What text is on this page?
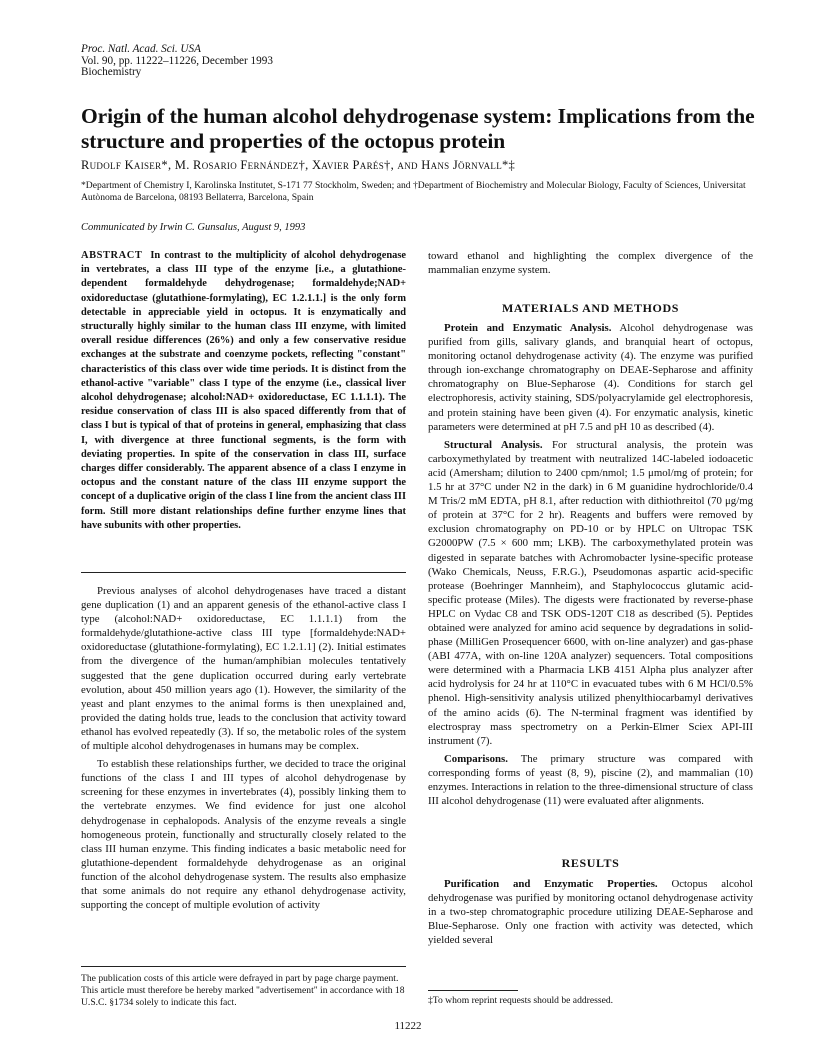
Proc. Natl. Acad. Sci. USA
Vol. 90, pp. 11222–11226, December 1993
Biochemistry
Origin of the human alcohol dehydrogenase system: Implications from the structure and properties of the octopus protein
Rudolf Kaiser*, M. Rosario Fernández†, Xavier Parés†, and Hans Jörnvall*‡
*Department of Chemistry I, Karolinska Institutet, S-171 77 Stockholm, Sweden; and †Department of Biochemistry and Molecular Biology, Faculty of Sciences, Universitat Autònoma de Barcelona, 08193 Bellaterra, Barcelona, Spain
Communicated by Irwin C. Gunsalus, August 9, 1993
ABSTRACT In contrast to the multiplicity of alcohol dehydrogenase in vertebrates, a class III type of the enzyme [i.e., a glutathione-dependent formaldehyde dehydrogenase; formaldehyde;NAD+ oxidoreductase (glutathione-formylating), EC 1.2.1.1.] is the only form detectable in appreciable yield in octopus. It is enzymatically and structurally highly similar to the human class III enzyme, with limited overall residue differences (26%) and only a few conservative residue exchanges at the substrate and coenzyme pockets, reflecting "constant" characteristics of this class over wide time periods. It is distinct from the ethanol-active "variable" class I type of the enzyme (i.e., classical liver alcohol dehydrogenase; alcohol:NAD+ oxidoreductase, EC 1.1.1.1). The residue conservation of class III is also spaced differently from that of class I but is typical of that of proteins in general, emphasizing that class I, with divergence at three functional segments, is the form with deviating properties. In spite of the conservation in class III, surface charges differ considerably. The apparent absence of a class I enzyme in octopus and the constant nature of the class III enzyme support the concept of a duplicative origin of the class I line from the ancient class III form. Still more distant relationships define further enzyme lines that have subunits with other properties.

Previous analyses of alcohol dehydrogenases have traced a distant gene duplication (1) and an apparent genesis of the ethanol-active class I type (alcohol:NAD+ oxidoreductase, EC 1.1.1.1) from the formaldehyde/glutathione-active class III type [formaldehyde:NAD+ oxidoreductase (glutathione-formylating), EC 1.2.1.1] (2). Initial estimates from the divergence of the human/amphibian molecules tentatively suggested that the gene duplication occurred during early vertebrate evolution, about 450 million years ago (1). However, the similarity of the yeast and plant enzymes to the animal forms is then unexplained and, provided the dating holds true, leads to the conclusion that activity toward ethanol has evolved repeatedly (3). If so, the metabolic roles of the system of multiple alcohol dehydrogenases in humans may be complex.

To establish these relationships further, we decided to trace the original functions of the class I and III types of alcohol dehydrogenase by screening for these enzymes in invertebrates (4), possibly linking them to the vertebrate enzymes. We find evidence for just one alcohol dehydrogenase in cephalopods. Analysis of the enzyme reveals a single homogeneous protein, functionally and structurally closely related to the class III human enzyme. This finding indicates a basic metabolic need for glutathione-dependent formaldehyde dehydrogenase as an original function of the alcohol dehydrogenase system. The results also emphasize that some animals do not require any ethanol dehydrogenase activity, supporting the concept of multiple evolution of activity

toward ethanol and highlighting the complex divergence of the mammalian enzyme system.
MATERIALS AND METHODS

Protein and Enzymatic Analysis. Alcohol dehydrogenase was purified from gills, salivary glands, and branquial heart of octopus, monitoring octanol dehydrogenase activity (4). The enzyme was purified through ion-exchange chromatography on DEAE-Sepharose and affinity chromatography on Blue-Sepharose (4). Conditions for starch gel electrophoresis, activity staining, SDS/polyacrylamide gel electrophoresis, and protein staining have been given (4). For enzymatic analysis, kinetic parameters were determined at pH 7.5 and pH 10 as described (4).

Structural Analysis. For structural analysis, the protein was carboxymethylated by treatment with neutralized 14C-labeled iodoacetic acid (Amersham; dilution to 2400 cpm/nmol; 1.5 μmol/mg of protein; for 1.5 hr at 37°C under N2 in the dark) in 6 M guanidine hydrochloride/0.4 M Tris/2 mM EDTA, pH 8.1, after reduction with dithiothreitol (70 μg/mg of protein at 37°C for 2 hr). Reagents and buffers were removed by exclusion chromatography on PD-10 or by HPLC on Ultropac TSK G2000PW (7.5 × 600 mm; LKB). The carboxymethylated protein was digested in separate batches with Achromobacter lysine-specific protease (Wako Chemicals, Neuss, F.R.G.), Pseudomonas aspartic acid-specific protease (Boehringer Mannheim), and Staphylococcus glutamic acid-specific protease (Miles). The digests were fractionated by reverse-phase HPLC on Vydac C8 and TSK ODS-120T C18 as described (5). Peptides obtained were analyzed for amino acid sequence by degradations in solid-phase (MilliGen Prosequencer 6600, with on-line analyzer) and gas-phase (ABI 477A, with on-line 120A analyzer) sequencers. Total compositions were determined with a Pharmacia LKB 4151 Alpha plus analyzer after acid hydrolysis for 24 hr at 110°C in evacuated tubes with 6 M HCl/0.5% phenol. High-sensitivity analysis utilized phenylthiocarbamyl derivatives of the amino acids (6). The N-terminal fragment was identified by electrospray mass spectrometry on a Perkin-Elmer Sciex API-III instrument (7).

Comparisons. The primary structure was compared with corresponding forms of yeast (8, 9), piscine (2), and mammalian (10) enzymes. Interactions in relation to the three-dimensional structure of class III alcohol dehydrogenase (11) were evaluated after alignments.

RESULTS

Purification and Enzymatic Properties. Octopus alcohol dehydrogenase was purified by monitoring octanol dehydrogenase activity in a two-step chromatographic procedure utilizing DEAE-Sepharose and Blue-Sepharose. Only one fraction with activity was detected, which yielded several

The publication costs of this article were defrayed in part by page charge payment. This article must therefore be hereby marked "advertisement" in accordance with 18 U.S.C. §1734 solely to indicate this fact.	‡To whom reprint requests should be addressed.
11222
